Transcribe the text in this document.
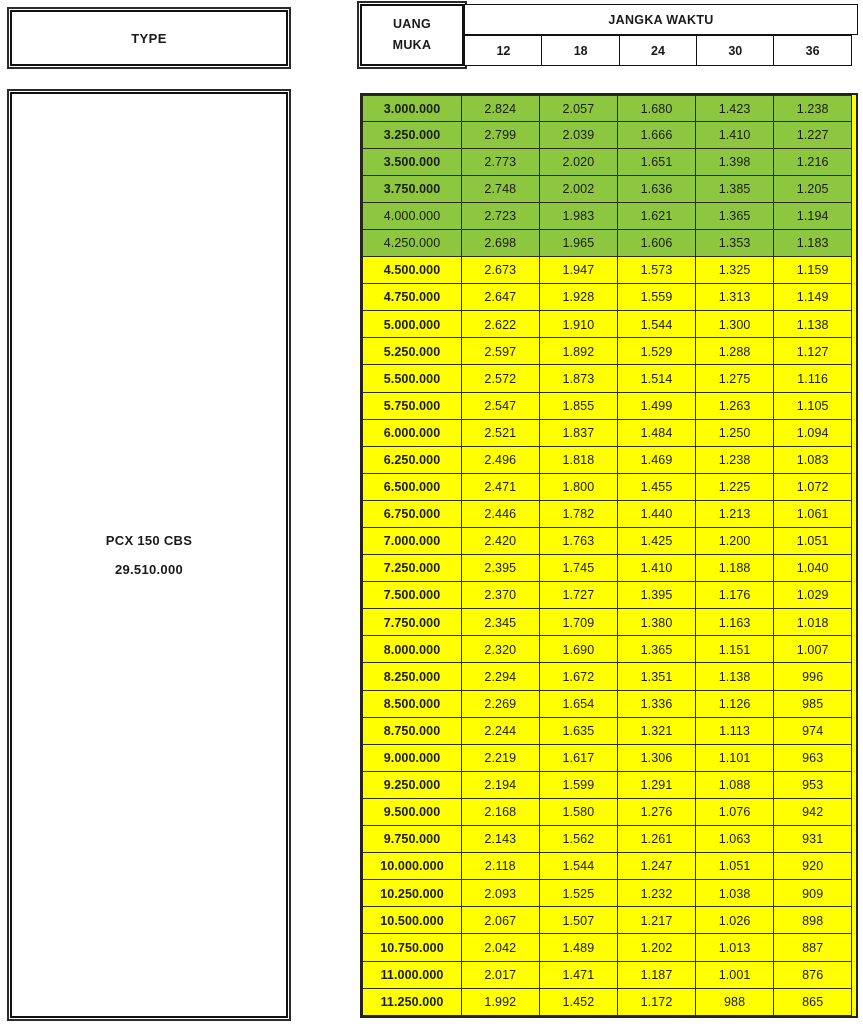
TYPE
PCX 150 CBS
29.510.000
UANG
MUKA
JANGKA WAKTU
12	18	24	30	36
3.000.000	2.824	2.057	1.680	1.423	1.238
3.250.000	2.799	2.039	1.666	1.410	1.227
3.500.000	2.773	2.020	1.651	1.398	1.216
3.750.000	2.748	2.002	1.636	1.385	1.205
4.000.000	2.723	1.983	1.621	1.365	1.194
4.250.000	2.698	1.965	1.606	1.353	1.183
4.500.000	2.673	1.947	1.573	1.325	1.159
4.750.000	2.647	1.928	1.559	1.313	1.149
5.000.000	2.622	1.910	1.544	1.300	1.138
5.250.000	2.597	1.892	1.529	1.288	1.127
5.500.000	2.572	1.873	1.514	1.275	1.116
5.750.000	2.547	1.855	1.499	1.263	1.105
6.000.000	2.521	1.837	1.484	1.250	1.094
6.250.000	2.496	1.818	1.469	1.238	1.083
6.500.000	2.471	1.800	1.455	1.225	1.072
6.750.000	2.446	1.782	1.440	1.213	1.061
7.000.000	2.420	1.763	1.425	1.200	1.051
7.250.000	2.395	1.745	1.410	1.188	1.040
7.500.000	2.370	1.727	1.395	1.176	1.029
7.750.000	2.345	1.709	1.380	1.163	1.018
8.000.000	2.320	1.690	1.365	1.151	1.007
8.250.000	2.294	1.672	1.351	1.138	996
8.500.000	2.269	1.654	1.336	1.126	985
8.750.000	2.244	1.635	1.321	1.113	974
9.000.000	2.219	1.617	1.306	1.101	963
9.250.000	2.194	1.599	1.291	1.088	953
9.500.000	2.168	1.580	1.276	1.076	942
9.750.000	2.143	1.562	1.261	1.063	931
10.000.000	2.118	1.544	1.247	1.051	920
10.250.000	2.093	1.525	1.232	1.038	909
10.500.000	2.067	1.507	1.217	1.026	898
10.750.000	2.042	1.489	1.202	1.013	887
11.000.000	2.017	1.471	1.187	1.001	876
11.250.000	1.992	1.452	1.172	988	865
